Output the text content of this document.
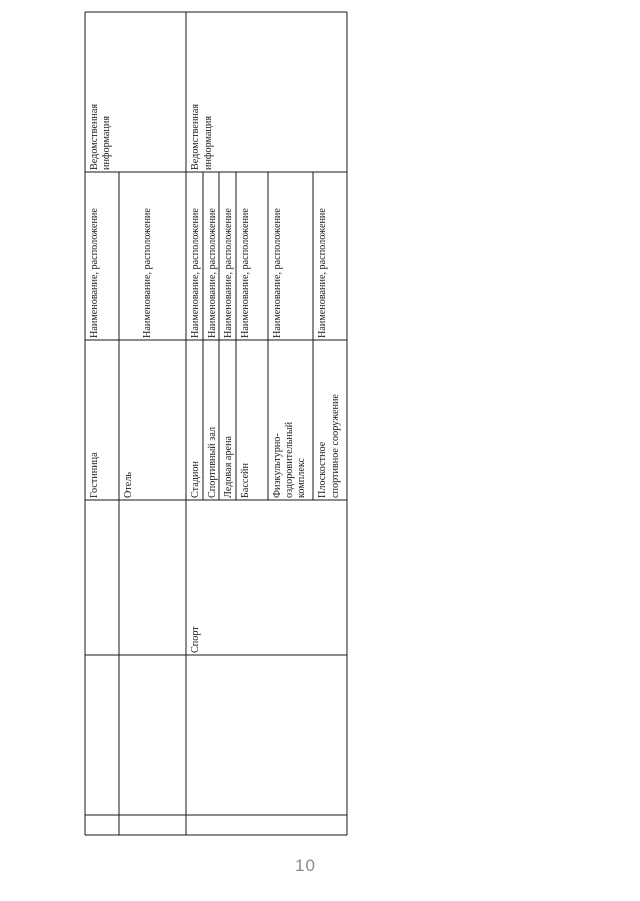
Гостиница
Наименование, расположение
Ведомственная информация
Отель
Наименование, расположение
Спорт
Ведомственная информация
Стадион
Наименование, расположение
Спортивный зал
Наименование, расположение
Ледовая арена
Наименование, расположение
Бассейн
Наименование, расположение
Физкультурно- оздоровительный комплекс
Наименование, расположение
Плоскостное спортивное сооружение
Наименование, расположение
10
